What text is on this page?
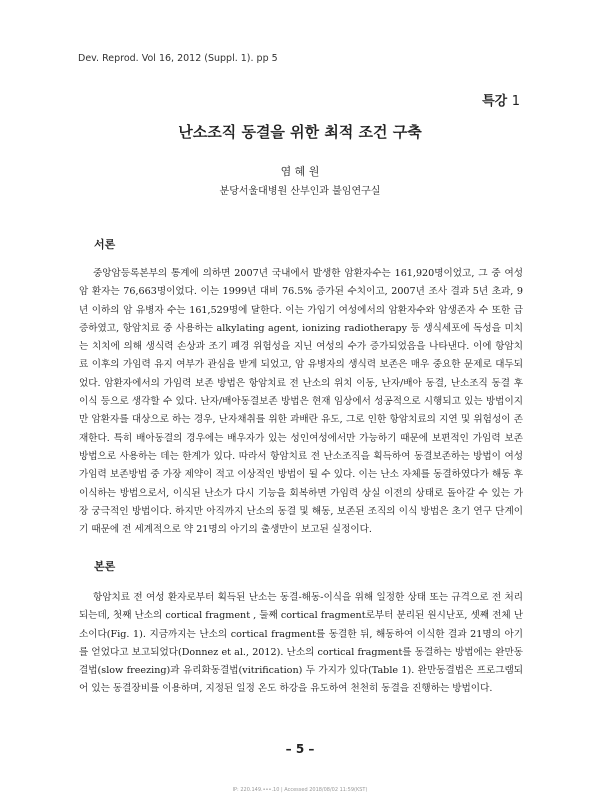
Dev. Reprod. Vol 16, 2012 (Suppl. 1). pp 5
특강 1
난소조직 동결을 위한 최적 조건 구축
염 혜 원
분당서울대병원 산부인과 불임연구실
서론

중앙암등록본부의 통계에 의하면 2007년 국내에서 발생한 암환자수는 161,920명이었고, 그 중 여성암 환자는 76,663명이었다. 이는 1999년 대비 76.5% 증가된 수치이고, 2007년 조사 결과 5년 초과, 9년 이하의 암 유병자 수는 161,529명에 달한다. 이는 가임기 여성에서의 암환자수와 암생존자 수 또한 급증하였고, 항암치료 중 사용하는 alkylating agent, ionizing radiotherapy 등 생식세포에 독성을 미치는 치치에 의해 생식력 손상과 조기 폐경 위험성을 지닌 여성의 수가 증가되었음을 나타낸다. 이에 항암치료 이후의 가임력 유지 여부가 관심을 받게 되었고, 암 유병자의 생식력 보존은 매우 중요한 문제로 대두되었다. 암환자에서의 가임력 보존 방법은 항암치료 전 난소의 위치 이동, 난자/배아 동결, 난소조직 동결 후 이식 등으로 생각할 수 있다. 난자/배아동결보존 방법은 현재 임상에서 성공적으로 시행되고 있는 방법이지만 암환자를 대상으로 하는 경우, 난자채취를 위한 과배란 유도, 그로 인한 항암치료의 지연 및 위험성이 존재한다. 특히 배아동결의 경우에는 배우자가 있는 성인여성에서만 가능하기 때문에 보편적인 가임력 보존 방법으로 사용하는 데는 한계가 있다. 따라서 항암치료 전 난소조직을 획득하여 동결보존하는 방법이 여성 가임력 보존방법 중 가장 제약이 적고 이상적인 방법이 될 수 있다. 이는 난소 자체를 동결하였다가 해동 후 이식하는 방법으로서, 이식된 난소가 다시 기능을 회복하면 가임력 상실 이전의 상태로 돌아갈 수 있는 가장 궁극적인 방법이다. 하지만 아직까지 난소의 동결 및 해동, 보존된 조직의 이식 방법은 초기 연구 단계이기 때문에 전 세계적으로 약 21명의 아기의 출생만이 보고된 실정이다.

본론

항암치료 전 여성 환자로부터 획득된 난소는 동결-해동-이식을 위해 일정한 상태 또는 규격으로 전 처리되는데, 첫째 난소의 cortical fragment , 둘째 cortical fragment로부터 분리된 원시난포, 셋째 전체 난소이다(Fig. 1). 지금까지는 난소의 cortical fragment를 동결한 뒤, 해동하여 이식한 결과 21명의 아기를 얻었다고 보고되었다(Donnez et al., 2012). 난소의 cortical fragment를 동결하는 방법에는 완만동결법(slow freezing)과 유리화동결법(vitrification) 두 가지가 있다(Table 1). 완만동결법은 프로그램되어 있는 동결장비를 이용하며, 지정된 일정 온도 하강을 유도하여 천천히 동결을 진행하는 방법이다.

– 5 –
IP: 220.149.•••.10 | Accessed 2018/08/02 11:59(KST)
